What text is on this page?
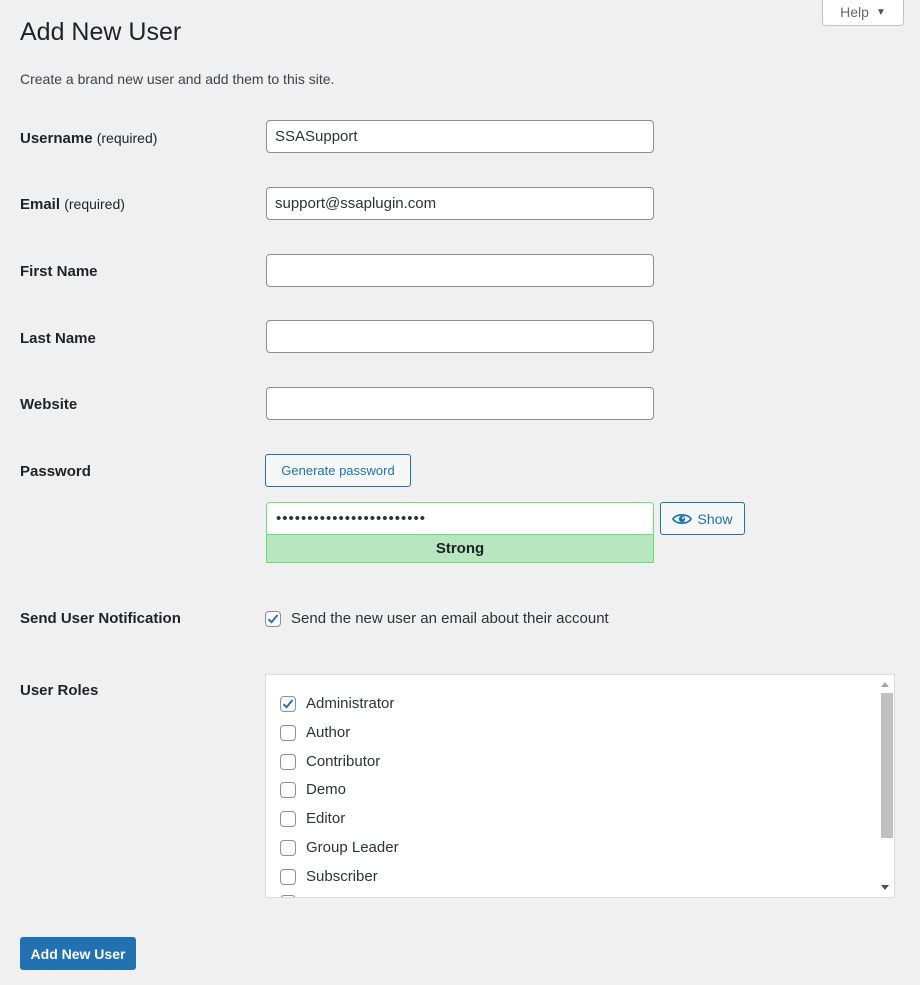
Help ▼
Add New User
Create a brand new user and add them to this site.
Username (required)
SSASupport
Email (required)
support@ssaplugin.com
First Name
Last Name
Website
Password	Generate password
••••••••••••••••••••••••
Strong
Show
Send User Notification	Send the new user an email about their account
User Roles
Administrator
Author
Contributor
Demo
Editor
Group Leader
Subscriber
Add New User
